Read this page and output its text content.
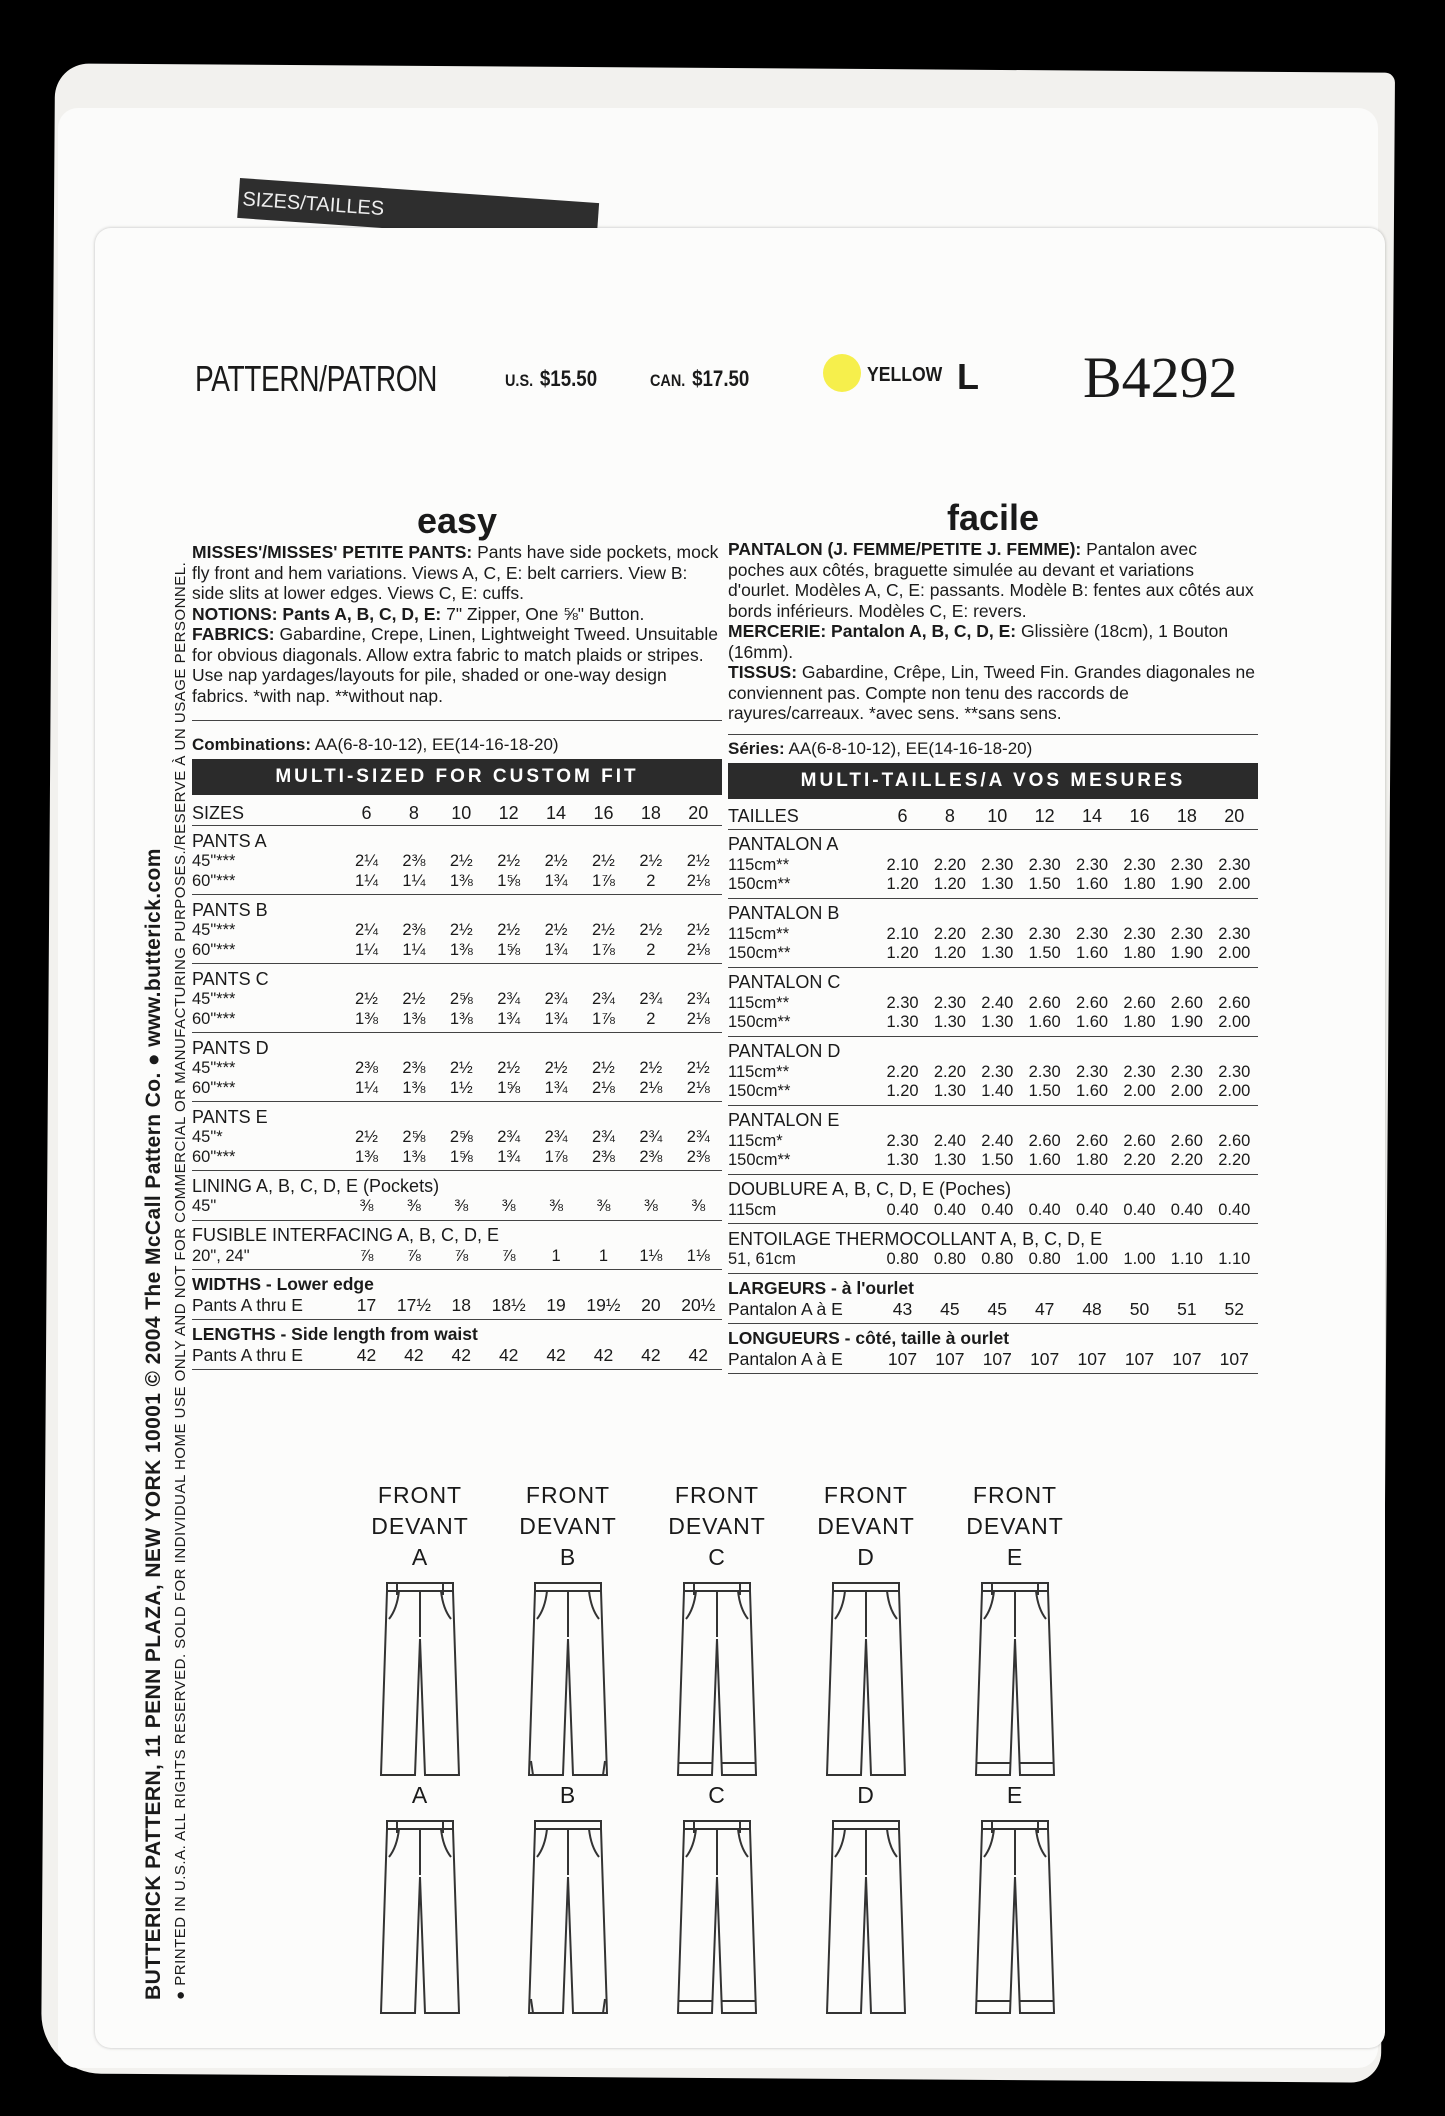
SIZES/TAILLES
BUTTERICK PATTERN, 11 PENN PLAZA, NEW YORK 10001 © 2004 The McCall Pattern Co. ● www.butterick.com ● PRINTED IN U.S.A. ALL RIGHTS RESERVED. SOLD FOR INDIVIDUAL HOME USE ONLY AND NOT FOR COMMERCIAL OR MANUFACTURING PURPOSES./RESERVE À UN USAGE PERSONNEL.
PATTERN/PATRON	U.S. $15.50	CAN. $17.50	YELLOW L B4292
easy
MISSES'/MISSES' PETITE PANTS: Pants have side pockets, mock fly front and hem variations. Views A, C, E: belt carriers. View B: side slits at lower edges. Views C, E: cuffs.
NOTIONS: Pants A, B, C, D, E: 7" Zipper, One ⅝" Button.
FABRICS: Gabardine, Crepe, Linen, Lightweight Tweed. Unsuitable for obvious diagonals. Allow extra fabric to match plaids or stripes. Use nap yardages/layouts for pile, shaded or one-way design fabrics. *with nap. **without nap.
Combinations: AA(6-8-10-12), EE(14-16-18-20)
MULTI-SIZED FOR CUSTOM FIT
SIZES	6	8	10	12	14	16	18	20
PANTS A								
45"***	2¼	2⅜	2½	2½	2½	2½	2½	2½
60"***	1¼	1¼	1⅜	1⅝	1¾	1⅞	2	2⅛
PANTS B								
45"***	2¼	2⅜	2½	2½	2½	2½	2½	2½
60"***	1¼	1¼	1⅜	1⅝	1¾	1⅞	2	2⅛
PANTS C								
45"***	2½	2½	2⅝	2¾	2¾	2¾	2¾	2¾
60"***	1⅜	1⅜	1⅜	1¾	1¾	1⅞	2	2⅛
PANTS D								
45"***	2⅜	2⅜	2½	2½	2½	2½	2½	2½
60"***	1¼	1⅜	1½	1⅝	1¾	2⅛	2⅛	2⅛
PANTS E								
45"*	2½	2⅝	2⅝	2¾	2¾	2¾	2¾	2¾
60"***	1⅜	1⅜	1⅝	1¾	1⅞	2⅜	2⅜	2⅜
LINING A, B, C, D, E (Pockets)								
45"	⅜	⅜	⅜	⅜	⅜	⅜	⅜	⅜
FUSIBLE INTERFACING A, B, C, D, E								
20", 24"	⅞	⅞	⅞	⅞	1	1	1⅛	1⅛
WIDTHS - Lower edge								
Pants A thru E	17	17½	18	18½	19	19½	20	20½
LENGTHS - Side length from waist								
Pants A thru E	42	42	42	42	42	42	42	42
facile
PANTALON (J. FEMME/PETITE J. FEMME): Pantalon avec poches aux côtés, braguette simulée au devant et variations d'ourlet. Modèles A, C, E: passants. Modèle B: fentes aux côtés aux bords inférieurs. Modèles C, E: revers.
MERCERIE: Pantalon A, B, C, D, E: Glissière (18cm), 1 Bouton (16mm).
TISSUS: Gabardine, Crêpe, Lin, Tweed Fin. Grandes diagonales ne conviennent pas. Compte non tenu des raccords de rayures/carreaux. *avec sens. **sans sens.
Séries: AA(6-8-10-12), EE(14-16-18-20)
MULTI-TAILLES/A VOS MESURES
TAILLES	6	8	10	12	14	16	18	20
PANTALON A								
115cm**	2.10	2.20	2.30	2.30	2.30	2.30	2.30	2.30
150cm**	1.20	1.20	1.30	1.50	1.60	1.80	1.90	2.00
PANTALON B								
115cm**	2.10	2.20	2.30	2.30	2.30	2.30	2.30	2.30
150cm**	1.20	1.20	1.30	1.50	1.60	1.80	1.90	2.00
PANTALON C								
115cm**	2.30	2.30	2.40	2.60	2.60	2.60	2.60	2.60
150cm**	1.30	1.30	1.30	1.60	1.60	1.80	1.90	2.00
PANTALON D								
115cm**	2.20	2.20	2.30	2.30	2.30	2.30	2.30	2.30
150cm**	1.20	1.30	1.40	1.50	1.60	2.00	2.00	2.00
PANTALON E								
115cm*	2.30	2.40	2.40	2.60	2.60	2.60	2.60	2.60
150cm**	1.30	1.30	1.50	1.60	1.80	2.20	2.20	2.20
DOUBLURE A, B, C, D, E (Poches)								
115cm	0.40	0.40	0.40	0.40	0.40	0.40	0.40	0.40
ENTOILAGE THERMOCOLLANT A, B, C, D, E								
51, 61cm	0.80	0.80	0.80	0.80	1.00	1.00	1.10	1.10
LARGEURS - à l'ourlet								
Pantalon A à E	43	45	45	47	48	50	51	52
LONGUEURS - côté, taille à ourlet								
Pantalon A à E	107	107	107	107	107	107	107	107
FRONT
DEVANT
A
FRONT
DEVANT
B
FRONT
DEVANT
C
FRONT
DEVANT
D
FRONT
DEVANT
E
A	B	C	D	E
